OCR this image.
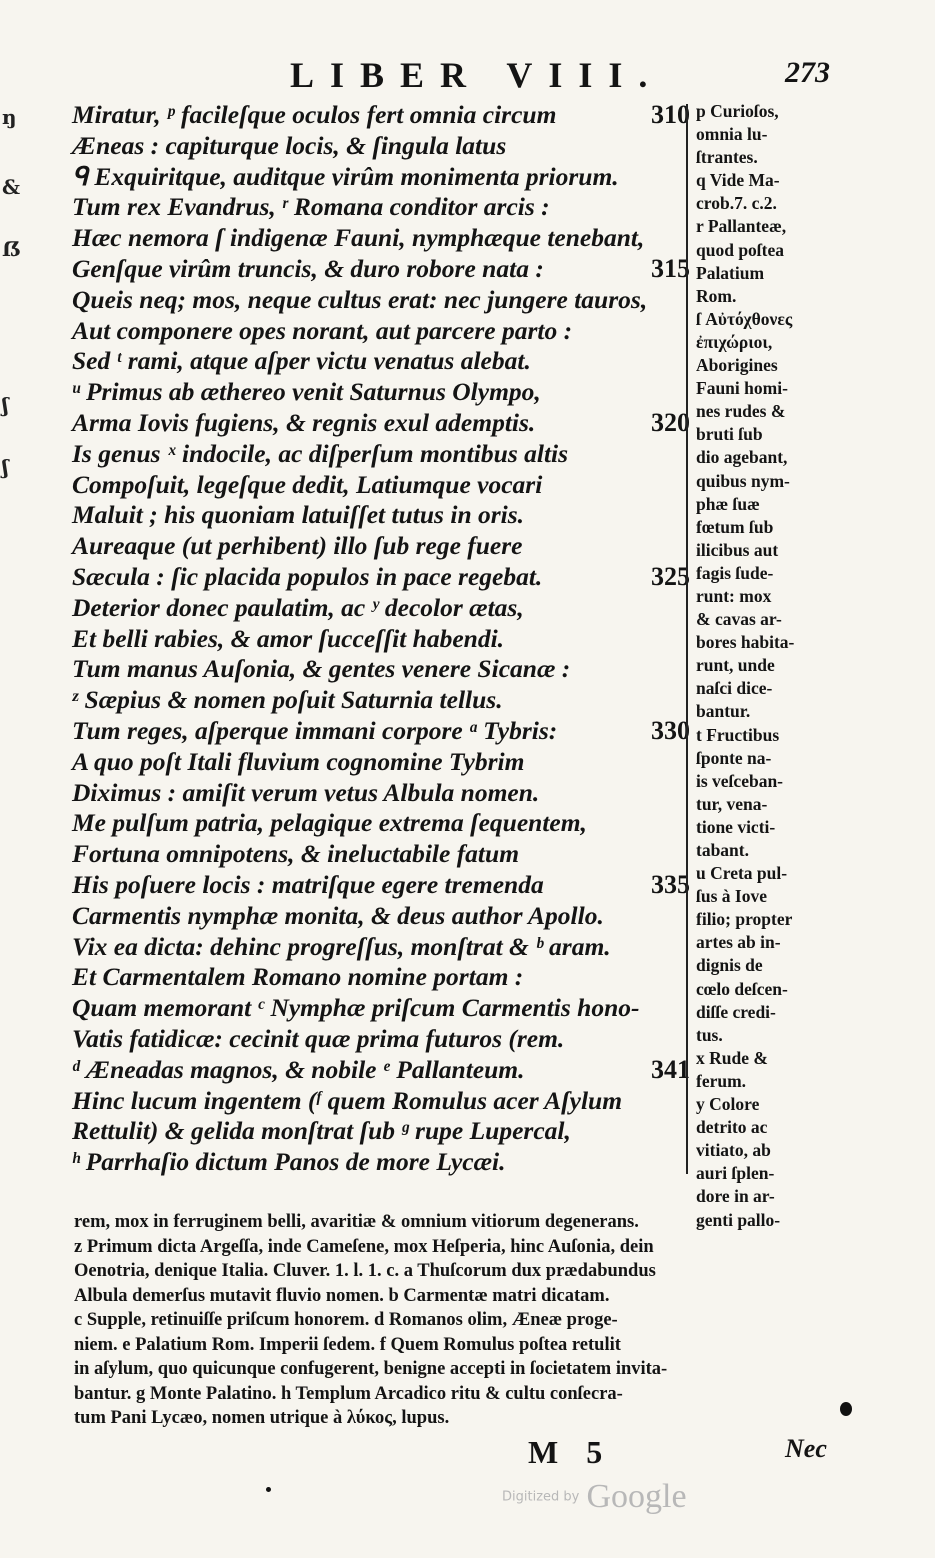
ŋ
&
ẞ
ʃ
ʃ
LIBER VIII.	273
Miratur, ᵖ facileſque oculos fert omnia circum	310
Æneas : capiturque locis, & ſingula latus
ᑫ Exquiritque, auditque virûm monimenta priorum.
Tum rex Evandrus, ʳ Romana conditor arcis :
Hæc nemora ſ indigenæ Fauni, nymphæque tenebant,
Genſque virûm truncis, & duro robore nata :	315
Queis neq; mos, neque cultus erat: nec jungere tauros,
Aut componere opes norant, aut parcere parto :
Sed ᵗ rami, atque aſper victu venatus alebat.
ᵘ Primus ab æthereo venit Saturnus Olympo,
Arma Iovis fugiens, & regnis exul ademptis.	320
Is genus ˣ indocile, ac diſperſum montibus altis
Compoſuit, legeſque dedit, Latiumque vocari
Maluit ; his quoniam latuiſſet tutus in oris.
Aureaque (ut perhibent) illo ſub rege fuere
Sæcula : ſic placida populos in pace regebat.	325
Deterior donec paulatim, ac ʸ decolor ætas,
Et belli rabies, & amor ſucceſſit habendi.
Tum manus Auſonia, & gentes venere Sicanæ :
ᶻ Sæpius & nomen poſuit Saturnia tellus.
Tum reges, aſperque immani corpore ᵃ Tybris:	330
A quo poſt Itali fluvium cognomine Tybrim
Diximus : amiſit verum vetus Albula nomen.
Me pulſum patria, pelagique extrema ſequentem,
Fortuna omnipotens, & ineluctabile fatum
His poſuere locis : matriſque egere tremenda	335
Carmentis nymphæ monita, & deus author Apollo.
Vix ea dicta: dehinc progreſſus, monſtrat & ᵇ aram.
Et Carmentalem Romano nomine portam :
Quam memorant ᶜ Nymphæ priſcum Carmentis hono-
Vatis fatidicæ: cecinit quæ prima futuros (rem.
ᵈ Æneadas magnos, & nobile ᵉ Pallanteum.	341
Hinc lucum ingentem (ᶠ quem Romulus acer Aſylum
Rettulit) & gelida monſtrat ſub ᵍ rupe Lupercal,
ʰ Parrhaſio dictum Panos de more Lycæi.
p Curioſos,
omnia lu-
ſtrantes.
q Vide Ma-
crob.7. c.2.
r Pallanteæ,
quod poſtea
Palatium
Rom.
ſ Αὐτόχθονες
ἐπιχώριοι,
Aborigines
Fauni homi-
nes rudes &
bruti ſub
dio agebant,
quibus nym-
phæ ſuæ
fœtum ſub
ilicibus aut
fagis ſude-
runt: mox
& cavas ar-
bores habita-
runt, unde
naſci dice-
bantur.
t Fructibus
ſponte na-
is veſceban-
tur, vena-
tione victi-
tabant.
u Creta pul-
ſus à Iove
filio; propter
artes ab in-
dignis de
cœlo deſcen-
diſſe credi-
tus.
x Rude &
ferum.
y Colore
detrito ac
vitiato, ab
auri ſplen-
dore in ar-
genti pallo-
rem, mox in ferruginem belli, avaritiæ & omnium vitiorum degenerans.
z Primum dicta Argeſſa, inde Cameſene, mox Heſperia, hinc Auſonia, dein
Oenotria, denique Italia. Cluver. 1. l. 1. c. a Thuſcorum dux prædabundus
Albula demerſus mutavit fluvio nomen. b Carmentæ matri dicatam.
c Supple, retinuiſſe priſcum honorem. d Romanos olim, Æneæ proge-
niem. e Palatium Rom. Imperii ſedem. f Quem Romulus poſtea retulit
in aſylum, quo quicunque confugerent, benigne accepti in ſocietatem invita-
bantur. g Monte Palatino. h Templum Arcadico ritu & cultu conſecra-
tum Pani Lycæo, nomen utrique à λύκος, lupus.
M 5	Nec
Digitized by Google
